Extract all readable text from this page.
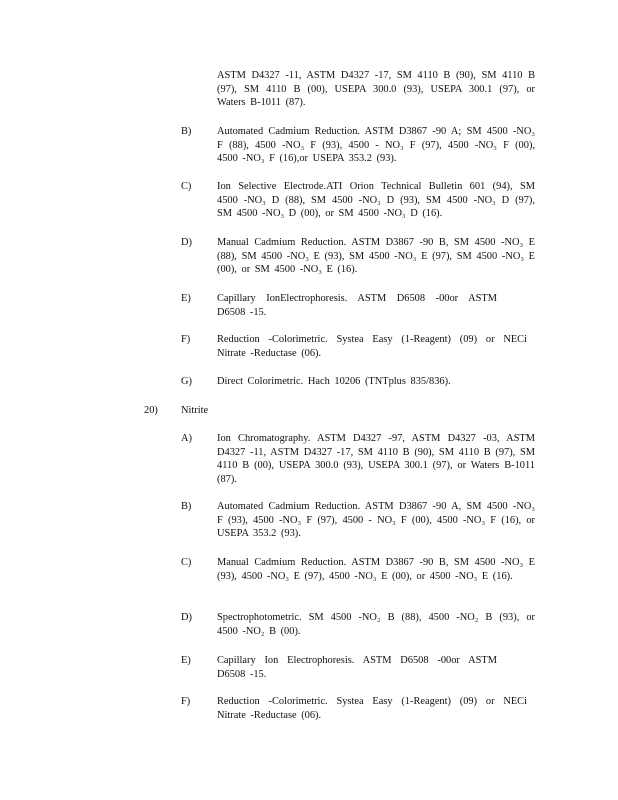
ASTM D4327 -11, ASTM D4327 -17, SM 4110 B (90), SM 4110 B (97), SM 4110 B (00), USEPA 300.0 (93), USEPA 300.1 (97), or Waters B-1011 (87).
B)	Automated Cadmium Reduction. ASTM D3867 -90 A; SM 4500 -NO₃ F (88), 4500 -NO₃ F (93), 4500 - NO₃ F (97), 4500 -NO₃ F (00), 4500 -NO₃ F (16),or USEPA 353.2 (93).
C)	Ion Selective Electrode.ATI Orion Technical Bulletin 601 (94), SM 4500 -NO₃ D (88), SM 4500 -NO₃ D (93), SM 4500 -NO₃ D (97), SM 4500 -NO₃ D (00), or SM 4500 -NO₃ D (16).
D)	Manual Cadmium Reduction. ASTM D3867 -90 B, SM 4500 -NO₃ E (88), SM 4500 -NO₃ E (93), SM 4500 -NO₃ E (97), SM 4500 -NO₃ E (00), or SM 4500 -NO₃ E (16).
E)	Capillary IonElectrophoresis. ASTM D6508 -00or ASTM D6508 -15.
F)	Reduction -Colorimetric. Systea Easy (1-Reagent) (09) or NECi Nitrate -Reductase (06).
G)	Direct Colorimetric. Hach 10206 (TNTplus 835/836).
20) Nitrite
A)	Ion Chromatography. ASTM D4327 -97, ASTM D4327 -03, ASTM D4327 -11, ASTM D4327 -17, SM 4110 B (90), SM 4110 B (97), SM 4110 B (00), USEPA 300.0 (93), USEPA 300.1 (97), or Waters B-1011 (87).
B)	Automated Cadmium Reduction. ASTM D3867 -90 A, SM 4500 -NO₃ F (93), 4500 -NO₃ F (97), 4500 - NO₃ F (00), 4500 -NO₃ F (16), or USEPA 353.2 (93).
C)	Manual Cadmium Reduction. ASTM D3867 -90 B, SM 4500 -NO₃ E (93), 4500 -NO₃ E (97), 4500 -NO₃ E (00), or 4500 -NO₃ E (16).
D)	Spectrophotometric. SM 4500 -NO₂ B (88), 4500 -NO₂ B (93), or 4500 -NO₂ B (00).
E)	Capillary Ion Electrophoresis. ASTM D6508 -00or ASTM D6508 -15.
F)	Reduction -Colorimetric. Systea Easy (1-Reagent) (09) or NECi Nitrate -Reductase (06).
